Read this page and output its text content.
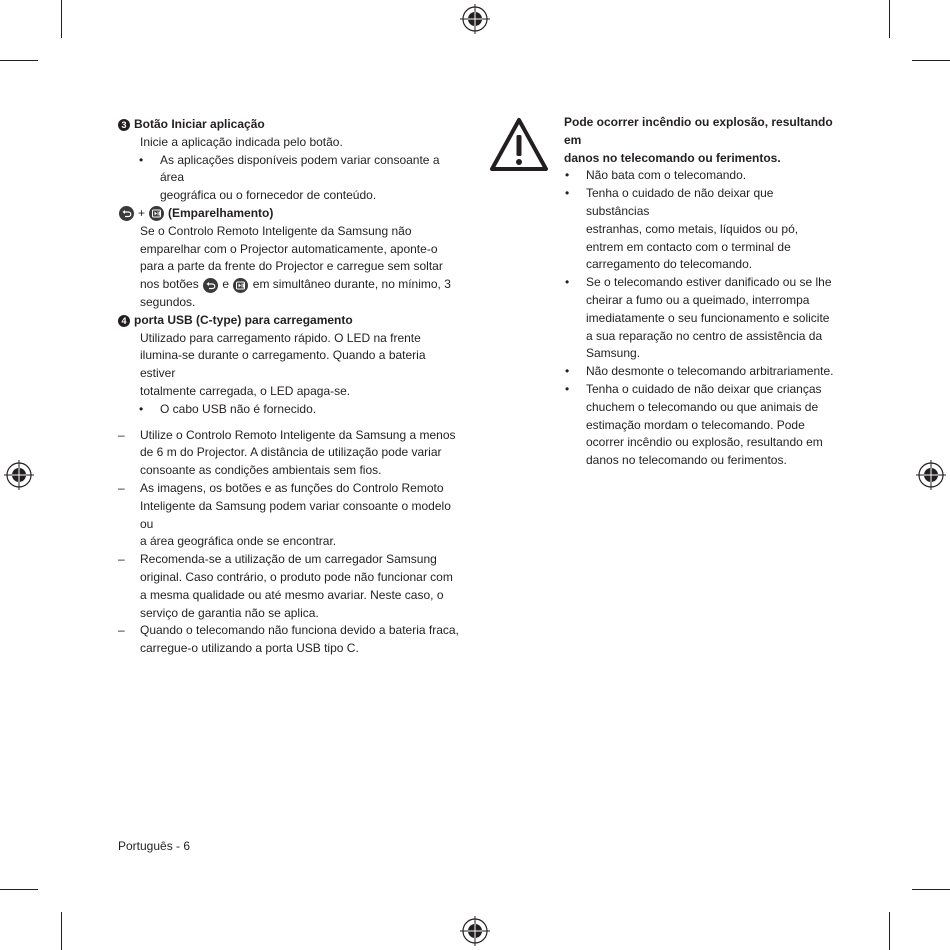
3 Botão Iniciar aplicação
Inicie a aplicação indicada pelo botão.
• As aplicações disponíveis podem variar consoante a área
geográfica ou o fornecedor de conteúdo.
+ (Emparelhamento)
Se o Controlo Remoto Inteligente da Samsung não
emparelhar com o Projector automaticamente, aponte-o
para a parte da frente do Projector e carregue sem soltar
nos botões e em simultâneo durante, no mínimo, 3
segundos.
4 porta USB (C-type) para carregamento
Utilizado para carregamento rápido. O LED na frente
ilumina-se durante o carregamento. Quando a bateria estiver
totalmente carregada, o LED apaga-se.
• O cabo USB não é fornecido.
– Utilize o Controlo Remoto Inteligente da Samsung a menos
de 6 m do Projector. A distância de utilização pode variar
consoante as condições ambientais sem fios.
– As imagens, os botões e as funções do Controlo Remoto
Inteligente da Samsung podem variar consoante o modelo ou
a área geográfica onde se encontrar.
– Recomenda-se a utilização de um carregador Samsung
original. Caso contrário, o produto pode não funcionar com
a mesma qualidade ou até mesmo avariar. Neste caso, o
serviço de garantia não se aplica.
– Quando o telecomando não funciona devido a bateria fraca,
carregue-o utilizando a porta USB tipo C.
Pode ocorrer incêndio ou explosão, resultando em
danos no telecomando ou ferimentos.
• Não bata com o telecomando.
• Tenha o cuidado de não deixar que substâncias
estranhas, como metais, líquidos ou pó,
entrem em contacto com o terminal de
carregamento do telecomando.
• Se o telecomando estiver danificado ou se lhe
cheirar a fumo ou a queimado, interrompa
imediatamente o seu funcionamento e solicite
a sua reparação no centro de assistência da
Samsung.
• Não desmonte o telecomando arbitrariamente.
• Tenha o cuidado de não deixar que crianças
chuchem o telecomando ou que animais de
estimação mordam o telecomando. Pode
ocorrer incêndio ou explosão, resultando em
danos no telecomando ou ferimentos.
Português - 6
